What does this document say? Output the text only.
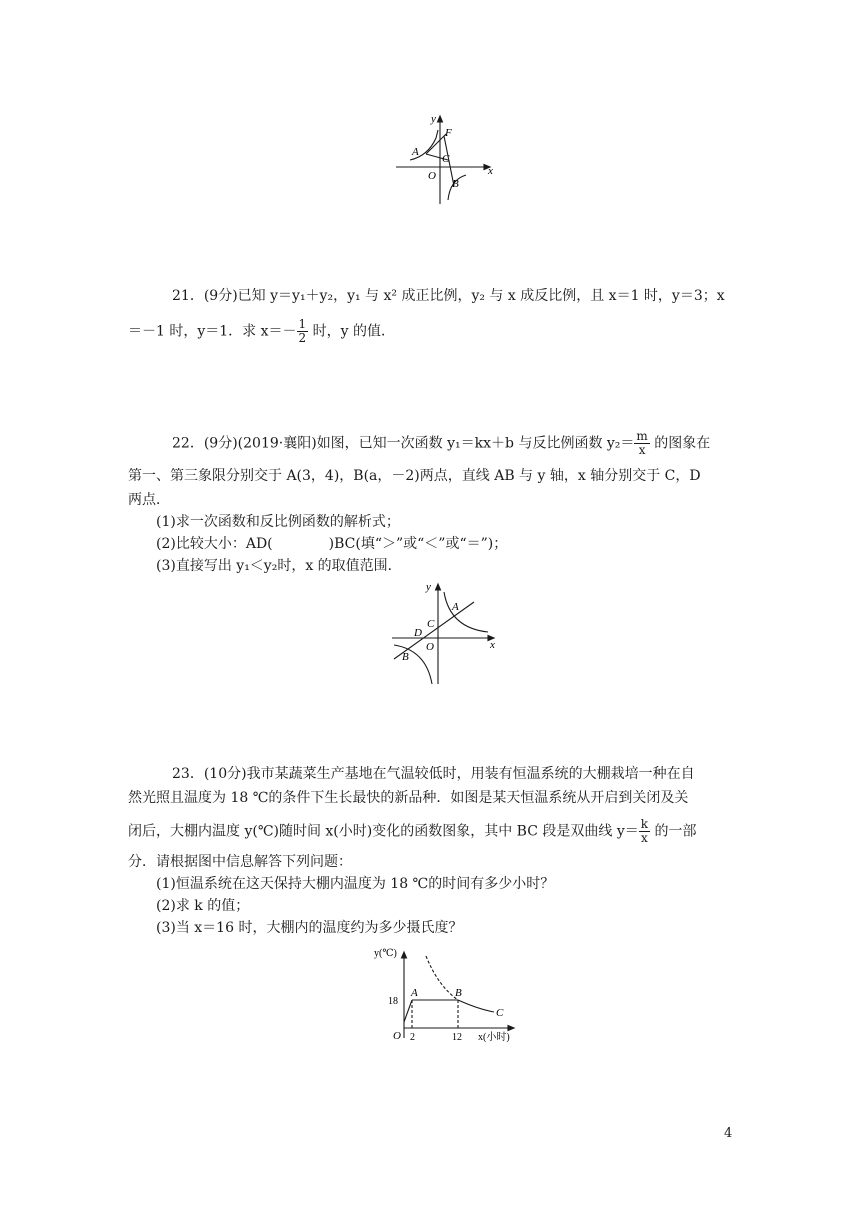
y
x
O
A
B
C
F
21．(9分)已知 y＝y₁＋y₂，y₁ 与 x² 成正比例，y₂ 与 x 成反比例，且 x＝1 时，y＝3；x
＝－1 时，y＝1．求 $x=- \frac{1}{2}$ 时，y 的值．
22．(9分)(2019·襄阳)如图，已知一次函数 y₁＝kx＋b 与反比例函数 $y_2= \frac{m}{x}$ 的图象在
第一、第三象限分别交于 A(3，4)，B(a，－2)两点，直线 AB 与 y 轴，x 轴分别交于 C，D
两点．
(1)求一次函数和反比例函数的解析式；
(2)比较大小：AD(	)BC(填“＞”或“＜”或“＝”)；
(3)直接写出 y₁＜y₂时，x 的取值范围．
y
x
O
A
B
C
D
23．(10分)我市某蔬菜生产基地在气温较低时，用装有恒温系统的大棚栽培一种在自
然光照且温度为 18 ℃的条件下生长最快的新品种．如图是某天恒温系统从开启到关闭及关
闭后，大棚内温度 y(℃)随时间 x(小时)变化的函数图象，其中 BC 段是双曲线 $y= \frac{k}{x}$ 的一部
分．请根据图中信息解答下列问题：
(1)恒温系统在这天保持大棚内温度为 18 ℃的时间有多少小时？
(2)求 k 的值；
(3)当 x＝16 时，大棚内的温度约为多少摄氏度？
y(℃)
x(小时)
O
A	B
C
18
2	12
4
